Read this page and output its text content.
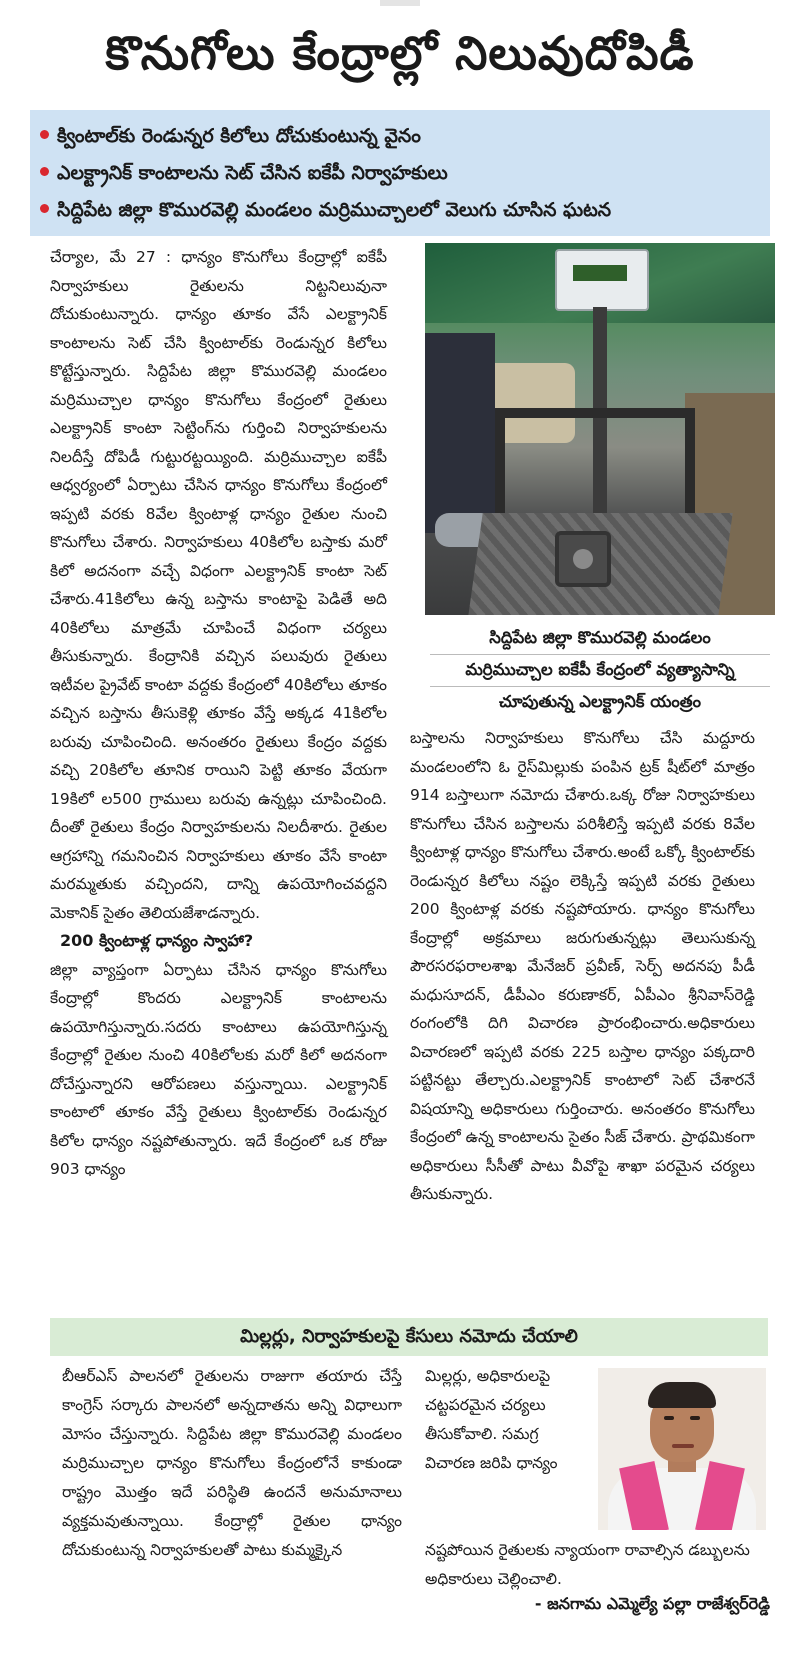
కొనుగోలు కేంద్రాల్లో నిలువుదోపిడీ
క్వింటాల్‌కు రెండున్నర కిలోలు దోచుకుంటున్న వైనం
ఎలక్ట్రానిక్ కాంటాలను సెట్ చేసిన ఐకేపీ నిర్వాహకులు
సిద్దిపేట జిల్లా కొమురవెల్లి మండలం మర్రిముచ్చాలలో వెలుగు చూసిన ఘటన

చేర్యాల, మే 27 : ధాన్యం కొనుగోలు కేంద్రాల్లో ఐకేపీ నిర్వాహకులు రైతులను నిట్టనిలువునా దోచుకుంటున్నారు. ధాన్యం తూకం వేసే ఎలక్ట్రానిక్ కాంటాలను సెట్ చేసి క్వింటాల్‌కు రెండున్నర కిలోలు కొట్టేస్తున్నారు. సిద్దిపేట జిల్లా కొమురవెల్లి మండలం మర్రిముచ్చాల ధాన్యం కొనుగోలు కేంద్రంలో రైతులు ఎలక్ట్రానిక్ కాంటా సెట్టింగ్‌ను గుర్తించి నిర్వాహకులను నిలదీస్తే దోపిడీ గుట్టురట్టయ్యింది. మర్రిముచ్చాల ఐకేపీ ఆధ్వర్యంలో ఏర్పాటు చేసిన ధాన్యం కొనుగోలు కేంద్రంలో ఇప్పటి వరకు 8వేల క్వింటాళ్ల ధాన్యం రైతుల నుంచి కొనుగోలు చేశారు. నిర్వాహకులు 40కిలోల బస్తాకు మరో కిలో అదనంగా వచ్చే విధంగా ఎలక్ట్రానిక్ కాంటా సెట్ చేశారు.41కిలోలు ఉన్న బస్తాను కాంటాపై పెడితే అది 40కిలోలు మాత్రమే చూపించే విధంగా చర్యలు తీసుకున్నారు. కేంద్రానికి వచ్చిన పలువురు రైతులు ఇటీవల ప్రైవేట్ కాంటా వద్దకు కేంద్రంలో 40కిలోలు తూకం వచ్చిన బస్తాను తీసుకెళ్లి తూకం వేస్తే అక్కడ 41కిలోల బరువు చూపించింది. అనంతరం రైతులు కేంద్రం వద్దకు వచ్చి 20కిలోల తూనిక రాయిని పెట్టి తూకం వేయగా 19కిలో ల500 గ్రాములు బరువు ఉన్నట్లు చూపించింది. దీంతో రైతులు కేంద్రం నిర్వాహకులను నిలదీశారు. రైతుల ఆగ్రహాన్ని గమనించిన నిర్వాహకులు తూకం వేసే కాంటా మరమ్మతుకు వచ్చిందని, దాన్ని ఉపయోగించవద్దని మెకానిక్ సైతం తెలియజేశాడన్నారు.

200 క్వింటాళ్ల ధాన్యం స్వాహా?

జిల్లా వ్యాప్తంగా ఏర్పాటు చేసిన ధాన్యం కొనుగోలు కేంద్రాల్లో కొందరు ఎలక్ట్రానిక్ కాంటాలను ఉపయోగిస్తున్నారు.సదరు కాంటాలు ఉపయోగిస్తున్న కేంద్రాల్లో రైతుల నుంచి 40కిలోలకు మరో కిలో అదనంగా దోచేస్తున్నారని ఆరోపణలు వస్తున్నాయి. ఎలక్ట్రానిక్ కాంటాలో తూకం వేస్తే రైతులు క్వింటాల్‌కు రెండున్నర కిలోల ధాన్యం నష్టపోతున్నారు. ఇదే కేంద్రంలో ఒక రోజు 903 ధాన్యం

సిద్దిపేట జిల్లా కొమురవెల్లి మండలం
మర్రిముచ్చాల ఐకేపీ కేంద్రంలో వ్యత్యాసాన్ని
చూపుతున్న ఎలక్ట్రానిక్ యంత్రం

బస్తాలను నిర్వాహకులు కొనుగోలు చేసి మద్దూరు మండలంలోని ఓ రైస్‌మిల్లుకు పంపిన ట్రక్ షీట్‌లో మాత్రం 914 బస్తాలుగా నమోదు చేశారు.ఒక్క రోజు నిర్వాహకులు కొనుగోలు చేసిన బస్తాలను పరిశీలిస్తే ఇప్పటి వరకు 8వేల క్వింటాళ్ల ధాన్యం కొనుగోలు చేశారు.అంటే ఒక్కో క్వింటాల్‌కు రెండున్నర కిలోలు నష్టం లెక్కిస్తే ఇప్పటి వరకు రైతులు 200 క్వింటాళ్ల వరకు నష్టపోయారు. ధాన్యం కొనుగోలు కేంద్రాల్లో అక్రమాలు జరుగుతున్నట్లు తెలుసుకున్న పౌరసరఫరాలశాఖ మేనేజర్ ప్రవీణ్, సెర్ప్ అదనపు పీడీ మధుసూదన్, డీపీఎం కరుణాకర్, ఏపీఎం శ్రీనివాస్‌రెడ్డి రంగంలోకి దిగి విచారణ ప్రారంభించారు.అధికారులు విచారణలో ఇప్పటి వరకు 225 బస్తాల ధాన్యం పక్కదారి పట్టినట్టు తేల్చారు.ఎలక్ట్రానిక్ కాంటాలో సెట్ చేశారనే విషయాన్ని అధికారులు గుర్తించారు. అనంతరం కొనుగోలు కేంద్రంలో ఉన్న కాంటాలను సైతం సీజ్ చేశారు. ప్రాథమికంగా అధికారులు సీసీతో పాటు వీవోపై శాఖా పరమైన చర్యలు తీసుకున్నారు.

మిల్లర్లు, నిర్వాహకులపై కేసులు నమోదు చేయాలి

బీఆర్‌ఎస్ పాలనలో రైతులను రాజుగా తయారు చేస్తే కాంగ్రెస్ సర్కారు పాలనలో అన్నదాతను అన్ని విధాలుగా మోసం చేస్తున్నారు. సిద్దిపేట జిల్లా కొమురవెల్లి మండలం మర్రిముచ్చాల ధాన్యం కొనుగోలు కేంద్రంలోనే కాకుండా రాష్ట్రం మొత్తం ఇదే పరిస్థితి ఉందనే అనుమానాలు వ్యక్తమవుతున్నాయి. కేంద్రాల్లో రైతుల ధాన్యం దోచుకుంటున్న నిర్వాహకులతో పాటు కుమ్మక్కైన

మిల్లర్లు, అధికారులపై చట్టపరమైన చర్యలు తీసుకోవాలి. సమగ్ర విచారణ జరిపి ధాన్యం

నష్టపోయిన రైతులకు న్యాయంగా రావాల్సిన డబ్బులను అధికారులు చెల్లించాలి.

- జనగామ ఎమ్మెల్యే పల్లా రాజేశ్వర్‌రెడ్డి
